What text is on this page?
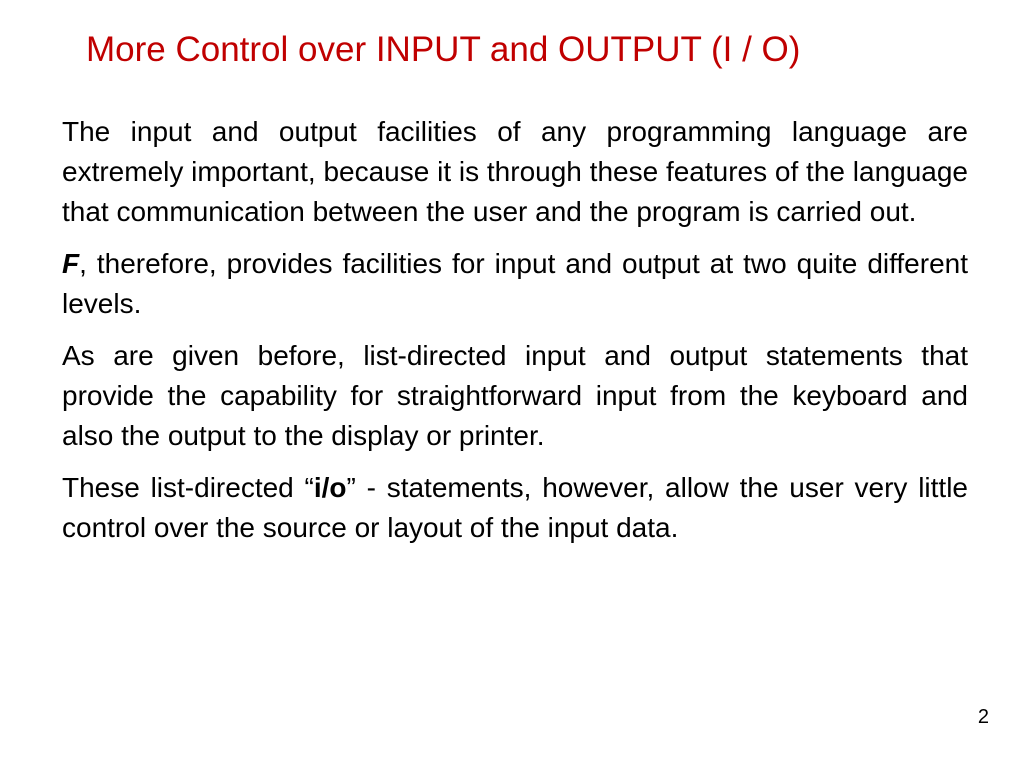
More Control over INPUT and OUTPUT (I / O)

The input and output facilities of any programming language are extremely important, because it is through these features of the language that communication between the user and the program is carried out.

F, therefore, provides facilities for input and output at two quite different levels.

As are given before, list-directed input and output statements that provide the capability for straightforward input from the keyboard and also the output to the display or printer.

These list-directed “i/o” - statements, however, allow the user very little control over the source or layout of the input data.

2
